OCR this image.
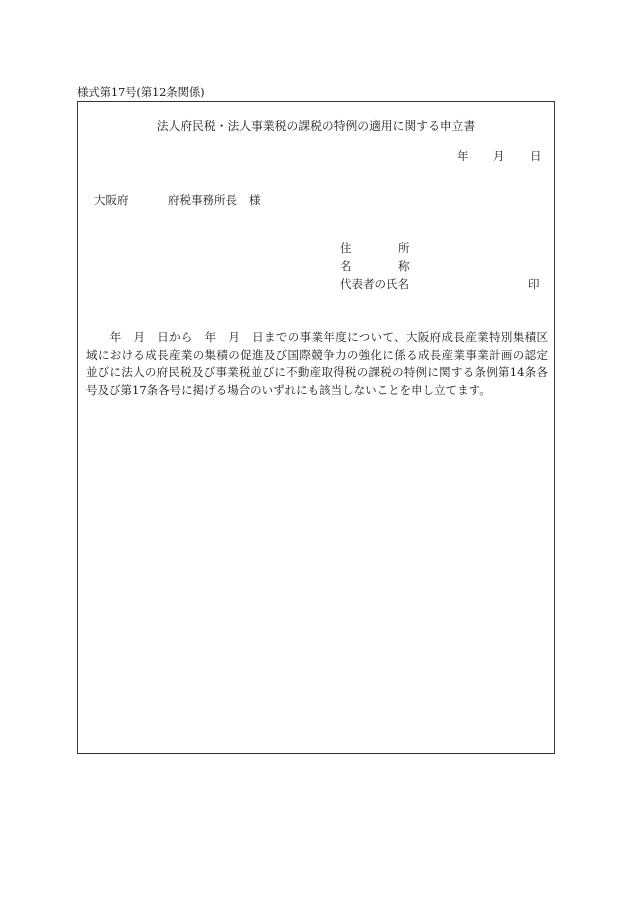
様式第17号(第12条関係)
法人府民税・法人事業税の課税の特例の適用に関する申立書
年 月 日
大阪府	府税事務所長 様
住	所
名	称
代表者の氏名	印
　　年　月　日から　年　月　日までの事業年度について、大阪府成長産業特別集積区
域における成長産業の集積の促進及び国際競争力の強化に係る成長産業事業計画の認定
並びに法人の府民税及び事業税並びに不動産取得税の課税の特例に関する条例第14条各
号及び第17条各号に掲げる場合のいずれにも該当しないことを申し立てます。
